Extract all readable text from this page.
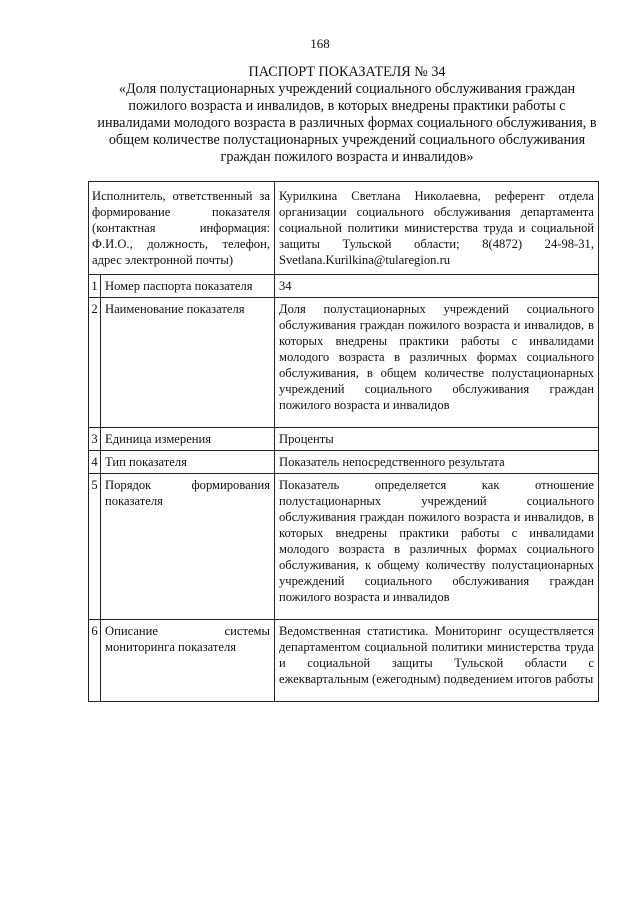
168
ПАСПОРТ ПОКАЗАТЕЛЯ № 34
«Доля полустационарных учреждений социального обслуживания граждан пожилого возраста и инвалидов, в которых внедрены практики работы с инвалидами молодого возраста в различных формах социального обслуживания, в общем количестве полустационарных учреждений социального обслуживания граждан пожилого возраста и инвалидов»
Исполнитель, ответственный за формирование показателя (контактная информация: Ф.И.О., должность, телефон, адрес электронной почты)		Курилкина Светлана Николаевна, референт отдела организации социального обслуживания департамента социальной политики министерства труда и социальной защиты Тульской области; 8(4872) 24-98-31, Svetlana.Kurilkina@tularegion.ru
1	Номер паспорта показателя	34
2	Наименование показателя	Доля полустационарных учреждений социального обслуживания граждан пожилого возраста и инвалидов, в которых внедрены практики работы с инвалидами молодого возраста в различных формах социального обслуживания, в общем количестве полустационарных учреждений социального обслуживания граждан пожилого возраста и инвалидов
3	Единица измерения	Проценты
4	Тип показателя	Показатель непосредственного результата
5	Порядок формирования показателя	Показатель определяется как отношение полустационарных учреждений социального обслуживания граждан пожилого возраста и инвалидов, в которых внедрены практики работы с инвалидами молодого возраста в различных формах социального обслуживания, к общему количеству полустационарных учреждений социального обслуживания граждан пожилого возраста и инвалидов
6	Описание системы мониторинга показателя	Ведомственная статистика. Мониторинг осуществляется департаментом социальной политики министерства труда и социальной защиты Тульской области с ежеквартальным (ежегодным) подведением итогов работы
